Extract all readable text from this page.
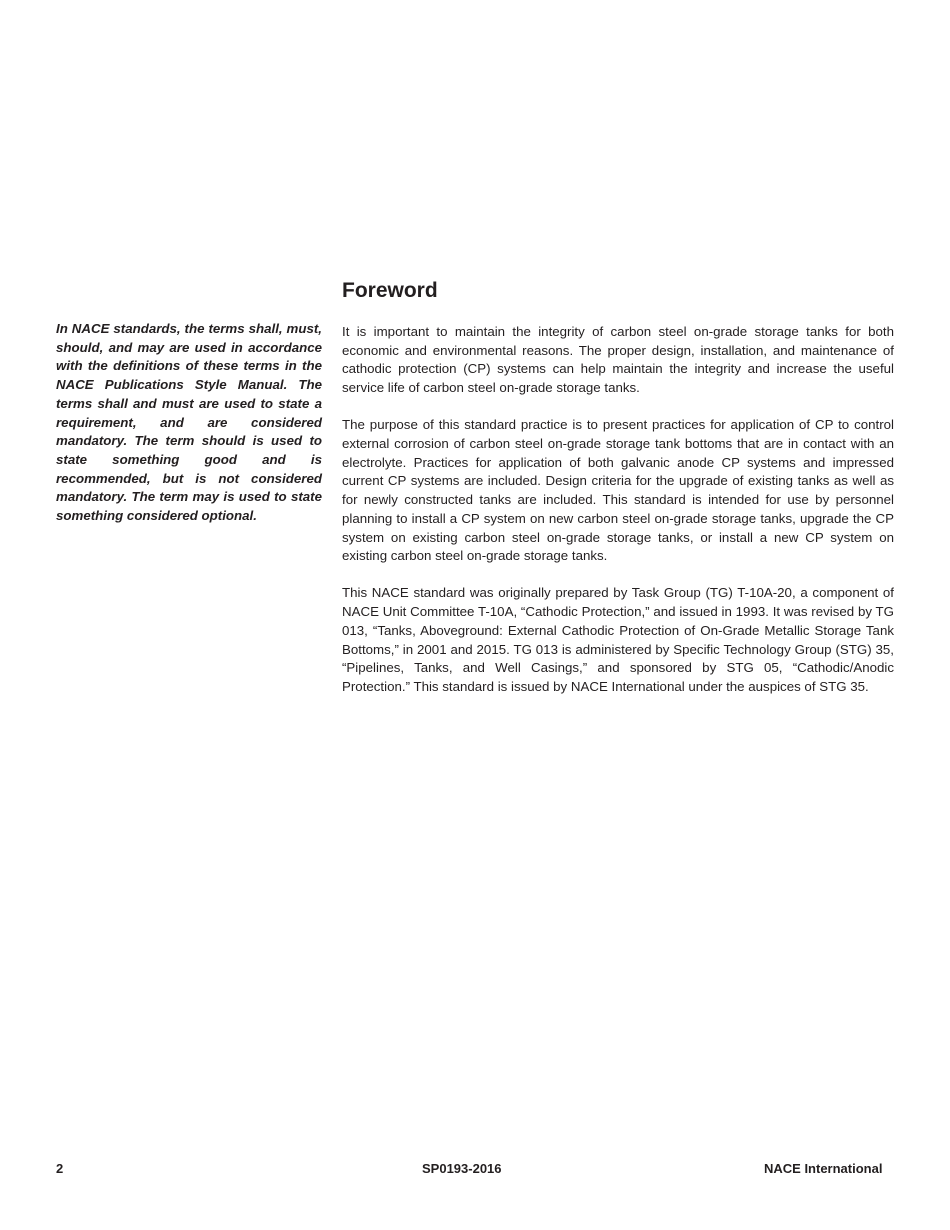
In NACE standards, the terms shall, must, should, and may are used in accordance with the definitions of these terms in the NACE Publications Style Manual. The terms shall and must are used to state a requirement, and are considered mandatory. The term should is used to state something good and is recommended, but is not considered mandatory. The term may is used to state something considered optional.

Foreword

It is important to maintain the integrity of carbon steel on-grade storage tanks for both economic and environmental reasons. The proper design, installation, and maintenance of cathodic protection (CP) systems can help maintain the integrity and increase the useful service life of carbon steel on-grade storage tanks.

The purpose of this standard practice is to present practices for application of CP to control external corrosion of carbon steel on-grade storage tank bottoms that are in contact with an electrolyte. Practices for application of both galvanic anode CP systems and impressed current CP systems are included. Design criteria for the upgrade of existing tanks as well as for newly constructed tanks are included. This standard is intended for use by personnel planning to install a CP system on new carbon steel on-grade storage tanks, upgrade the CP system on existing carbon steel on-grade storage tanks, or install a new CP system on existing carbon steel on-grade storage tanks.

This NACE standard was originally prepared by Task Group (TG) T-10A-20, a component of NACE Unit Committee T-10A, “Cathodic Protection,” and issued in 1993. It was revised by TG 013, “Tanks, Aboveground: External Cathodic Protection of On-Grade Metallic Storage Tank Bottoms,” in 2001 and 2015. TG 013 is administered by Specific Technology Group (STG) 35, “Pipelines, Tanks, and Well Casings,” and sponsored by STG 05, “Cathodic/Anodic Protection.” This standard is issued by NACE International under the auspices of STG 35.

2	SP0193-2016	NACE International
